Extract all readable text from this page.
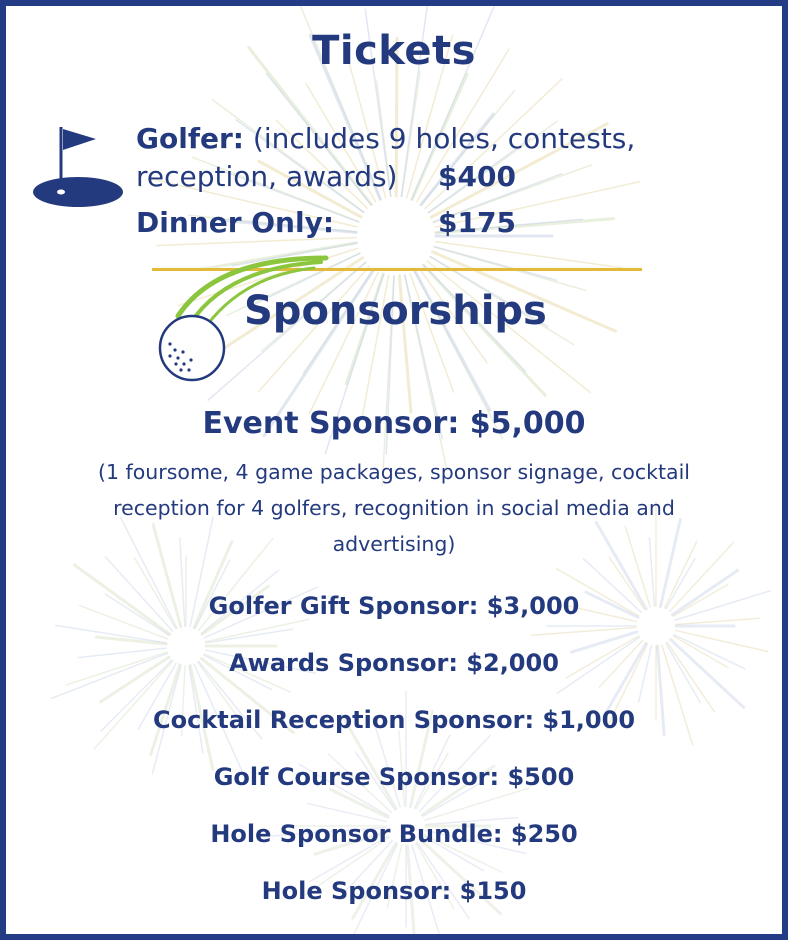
Tickets
Golfer: (includes 9 holes, contests,
reception, awards) $400
Dinner Only:	$175
Sponsorships
Event Sponsor: $5,000
(1 foursome, 4 game packages, sponsor signage, cocktail
reception for 4 golfers, recognition in social media and
advertising)
Golfer Gift Sponsor: $3,000
Awards Sponsor: $2,000
Cocktail Reception Sponsor: $1,000
Golf Course Sponsor: $500
Hole Sponsor Bundle: $250
Hole Sponsor: $150
